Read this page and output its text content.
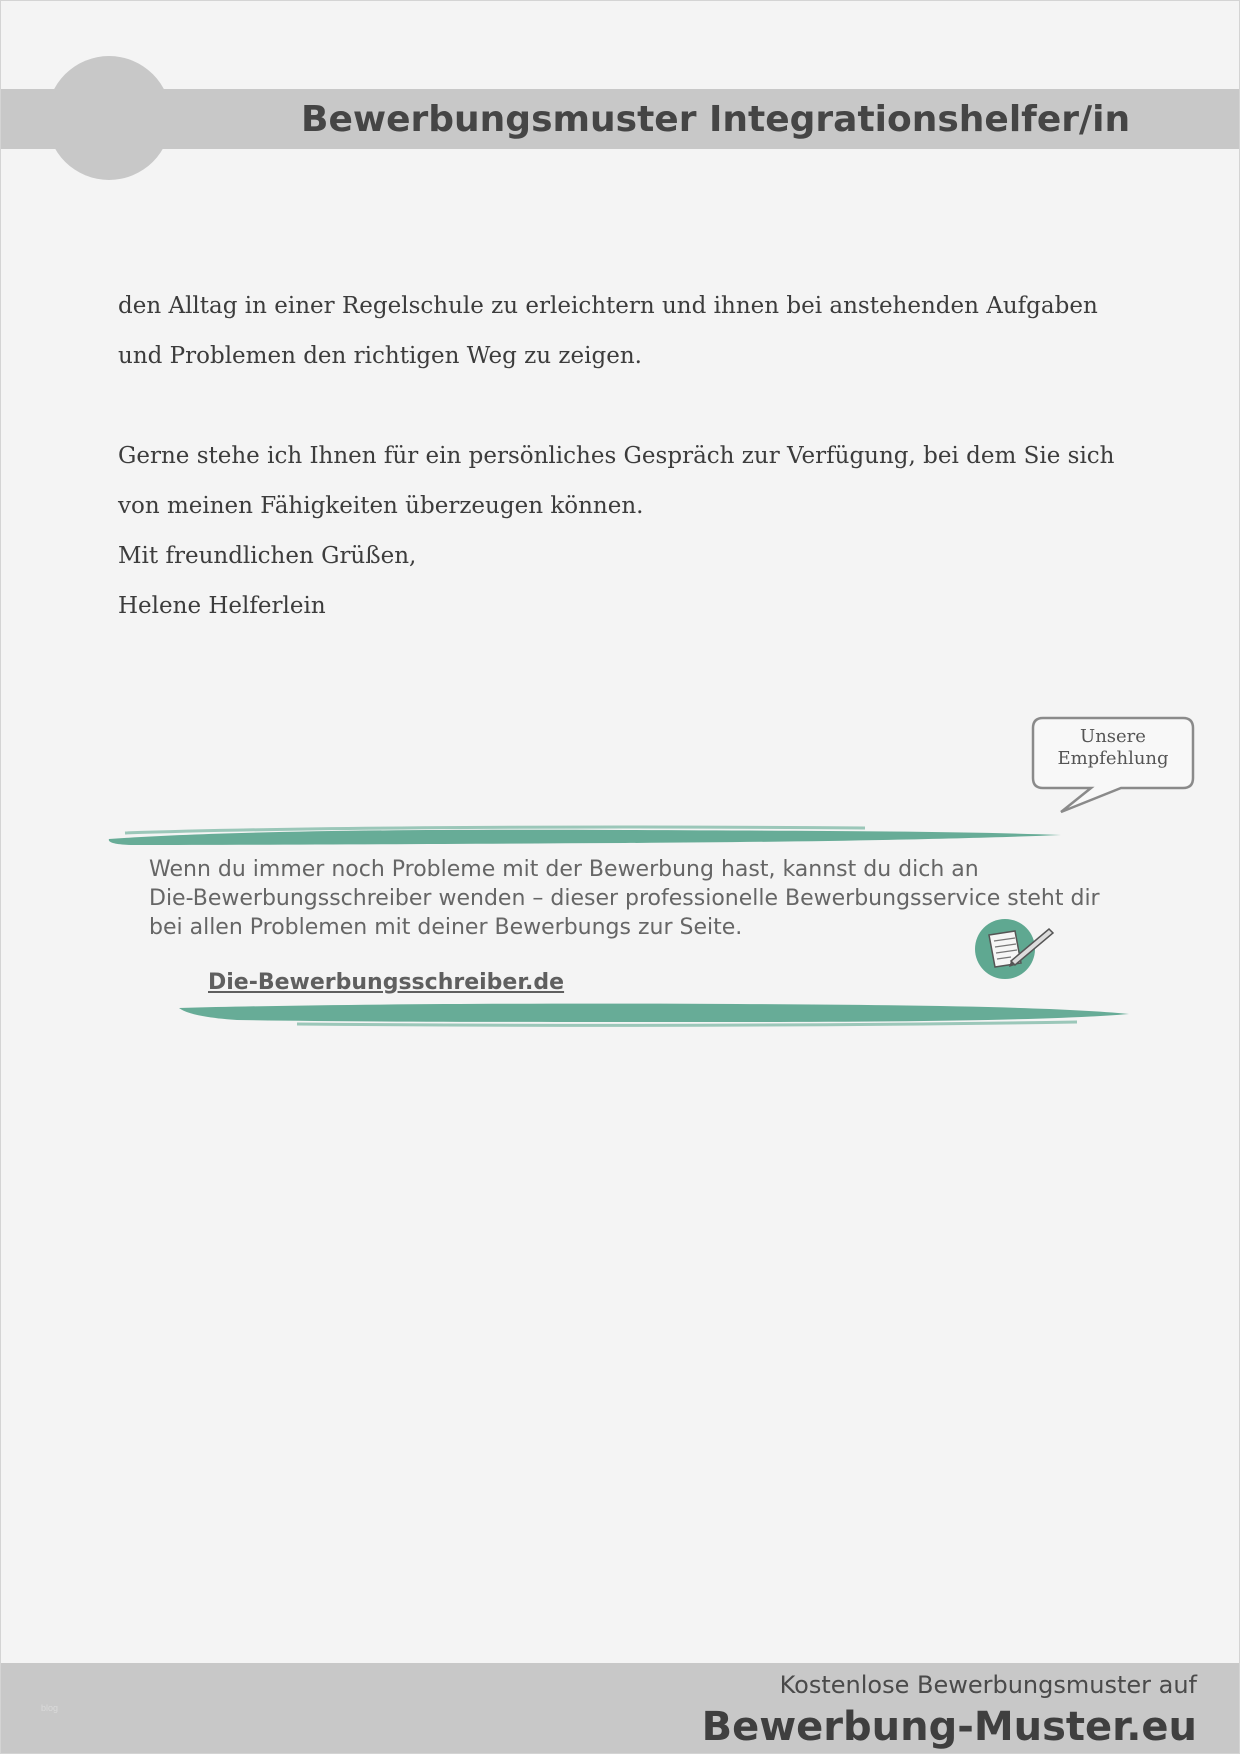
Bewerbungsmuster Integrationshelfer/in

den Alltag in einer Regelschule zu erleichtern und ihnen bei anstehenden Aufgaben

und Problemen den richtigen Weg zu zeigen.

Gerne stehe ich Ihnen für ein persönliches Gespräch zur Verfügung, bei dem Sie sich

von meinen Fähigkeiten überzeugen können.

Mit freundlichen Grüßen,

Helene Helferlein

Unsere
Empfehlung

Wenn du immer noch Probleme mit der Bewerbung hast, kannst du dich an

Die-Bewerbungsschreiber wenden – dieser professionelle Bewerbungsservice steht dir

bei allen Problemen mit deiner Bewerbungs zur Seite.

Die-Bewerbungsschreiber.de
blog
Kostenlose Bewerbungsmuster auf
Bewerbung-Muster.eu
